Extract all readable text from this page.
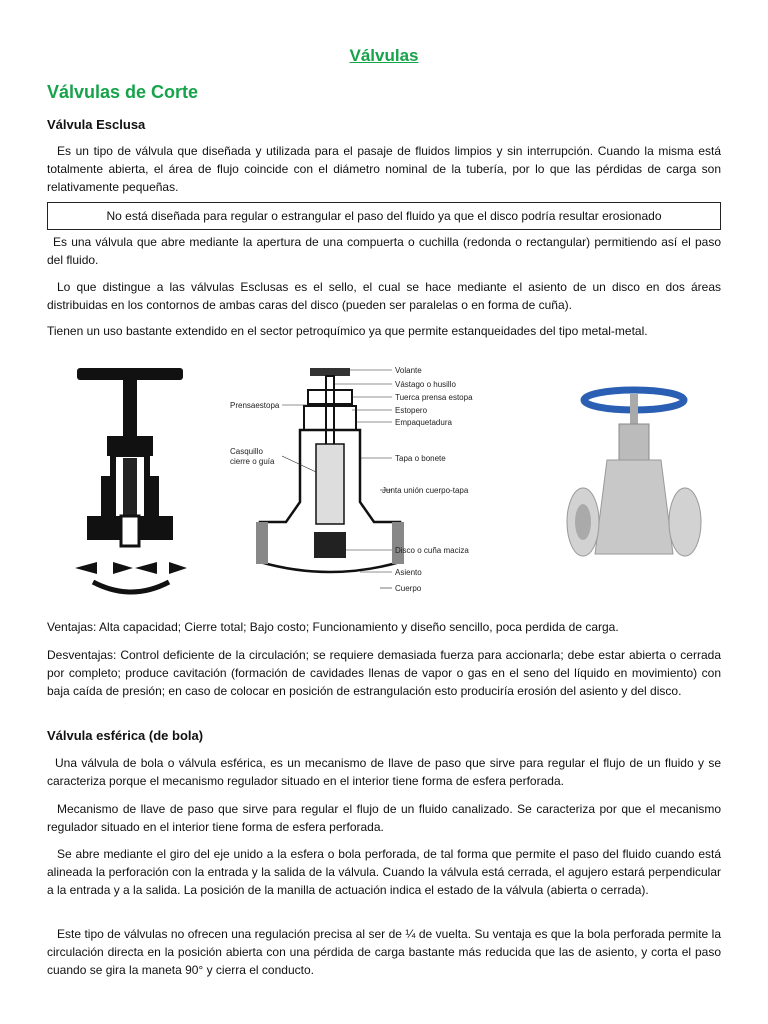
Válvulas
Válvulas de Corte
Válvula Esclusa

Es un tipo de válvula que diseñada y utilizada para el pasaje de fluidos limpios y sin interrupción. Cuando la misma está totalmente abierta, el área de flujo coincide con el diámetro nominal de la tubería, por lo que las pérdidas de carga son relativamente pequeñas.

No está diseñada para regular o estrangular el paso del fluido ya que el disco podría resultar erosionado

Es una válvula que abre mediante la apertura de una compuerta o cuchilla (redonda o rectangular) permitiendo así el paso del fluido.

Lo que distingue a las válvulas Esclusas es el sello, el cual se hace mediante el asiento de un disco en dos áreas distribuidas en los contornos de ambas caras del disco (pueden ser paralelas o en forma de cuña).

Tienen un uso bastante extendido en el sector petroquímico ya que permite estanqueidades del tipo metal-metal.

Volante
Vástago o husillo
Tuerca prensa estopa
Estopero
Prensaestopa
Empaquetadura
Casquillo
cierre o guía	Tapa o bonete
Junta unión cuerpo-tapa
Disco o cuña maciza
Asiento
Cuerpo

Ventajas: Alta capacidad; Cierre total; Bajo costo; Funcionamiento y diseño sencillo, poca perdida de carga.

Desventajas: Control deficiente de la circulación; se requiere demasiada fuerza para accionarla; debe estar abierta o cerrada por completo; produce cavitación (formación de cavidades llenas de vapor o gas en el seno del líquido en movimiento) con baja caída de presión; en caso de colocar en posición de estrangulación esto produciría erosión del asiento y del disco.

Válvula esférica (de bola)

Una válvula de bola o válvula esférica, es un mecanismo de llave de paso que sirve para regular el flujo de un fluido y se caracteriza porque el mecanismo regulador situado en el interior tiene forma de esfera perforada.

Mecanismo de llave de paso que sirve para regular el flujo de un fluido canalizado. Se caracteriza por que el mecanismo regulador situado en el interior tiene forma de esfera perforada.

Se abre mediante el giro del eje unido a la esfera o bola perforada, de tal forma que permite el paso del fluido cuando está alineada la perforación con la entrada y la salida de la válvula. Cuando la válvula está cerrada, el agujero estará perpendicular a la entrada y a la salida. La posición de la manilla de actuación indica el estado de la válvula (abierta o cerrada).

Este tipo de válvulas no ofrecen una regulación precisa al ser de ¼ de vuelta. Su ventaja es que la bola perforada permite la circulación directa en la posición abierta con una pérdida de carga bastante más reducida que las de asiento, y corta el paso cuando se gira la maneta 90° y cierra el conducto.
